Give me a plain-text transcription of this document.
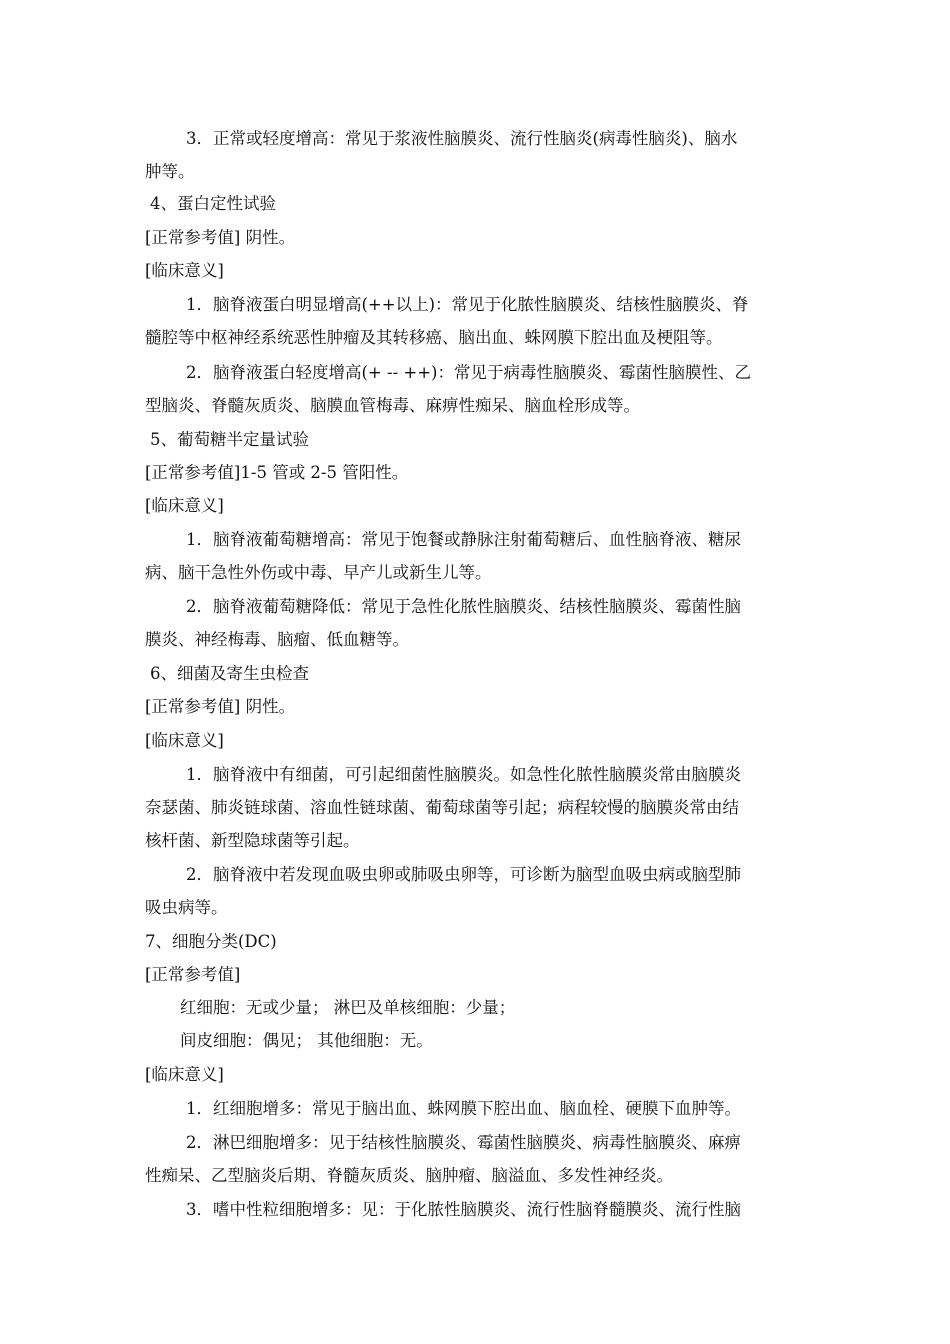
3．正常或轻度增高：常见于浆液性脑膜炎、流行性脑炎(病毒性脑炎)、脑水
肿等。
4、蛋白定性试验
[正常参考值] 阴性。
[临床意义]
1．脑脊液蛋白明显增高(++以上)：常见于化脓性脑膜炎、结核性脑膜炎、脊
髓腔等中枢神经系统恶性肿瘤及其转移癌、脑出血、蛛网膜下腔出血及梗阻等。
2．脑脊液蛋白轻度增高(+ -- ++)：常见于病毒性脑膜炎、霉菌性脑膜性、乙
型脑炎、脊髓灰质炎、脑膜血管梅毒、麻痹性痴呆、脑血栓形成等。
5、葡萄糖半定量试验
[正常参考值]1-5 管或 2-5 管阳性。
[临床意义]
1．脑脊液葡萄糖增高：常见于饱餐或静脉注射葡萄糖后、血性脑脊液、糖尿
病、脑干急性外伤或中毒、早产儿或新生儿等。
2．脑脊液葡萄糖降低：常见于急性化脓性脑膜炎、结核性脑膜炎、霉菌性脑
膜炎、神经梅毒、脑瘤、低血糖等。
6、细菌及寄生虫检查
[正常参考值] 阴性。
[临床意义]
1．脑脊液中有细菌，可引起细菌性脑膜炎。如急性化脓性脑膜炎常由脑膜炎
奈瑟菌、肺炎链球菌、溶血性链球菌、葡萄球菌等引起；病程较慢的脑膜炎常由结
核杆菌、新型隐球菌等引起。
2．脑脊液中若发现血吸虫卵或肺吸虫卵等，可诊断为脑型血吸虫病或脑型肺
吸虫病等。
7、细胞分类(DC)
[正常参考值]
红细胞：无或少量； 淋巴及单核细胞：少量；
间皮细胞：偶见； 其他细胞：无。
[临床意义]
1．红细胞增多：常见于脑出血、蛛网膜下腔出血、脑血栓、硬膜下血肿等。
2．淋巴细胞增多：见于结核性脑膜炎、霉菌性脑膜炎、病毒性脑膜炎、麻痹
性痴呆、乙型脑炎后期、脊髓灰质炎、脑肿瘤、脑溢血、多发性神经炎。
3．嗜中性粒细胞增多：见：于化脓性脑膜炎、流行性脑脊髓膜炎、流行性脑
